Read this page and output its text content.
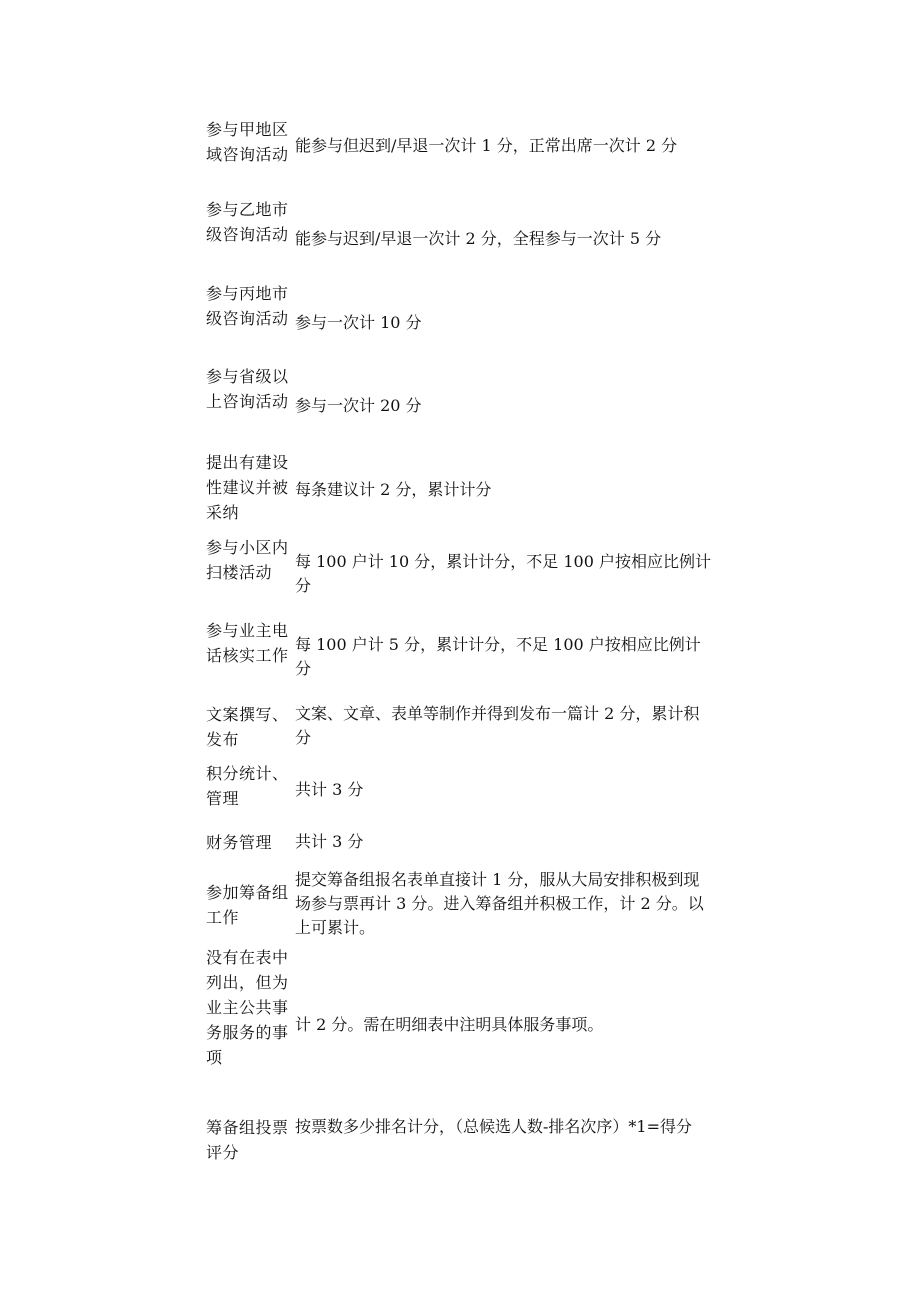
参与甲地区域咨询活动 能参与但迟到/早退一次计 1 分，正常出席一次计 2 分
参与乙地市级咨询活动 能参与迟到/早退一次计 2 分，全程参与一次计 5 分
参与丙地市级咨询活动 参与一次计 10 分
参与省级以上咨询活动 参与一次计 20 分
提出有建设性建议并被采纳
每条建议计 2 分，累计计分
参与小区内扫楼活动
每 100 户计 10 分，累计计分，不足 100 户按相应比例计分
参与业主电话核实工作
每 100 户计 5 分，累计计分，不足 100 户按相应比例计分
文案撰写、发布
文案、文章、表单等制作并得到发布一篇计 2 分，累计积分
积分统计、管理	共计 3 分
财务管理	共计 3 分
参加筹备组工作
提交筹备组报名表单直接计 1 分，服从大局安排积极到现场参与票再计 3 分。进入筹备组并积极工作，计 2 分。以上可累计。
没有在表中列出，但为业主公共事务服务的事项
计 2 分。需在明细表中注明具体服务事项。
筹备组投票评分
按票数多少排名计分，（总候选人数-排名次序）*1=得分
